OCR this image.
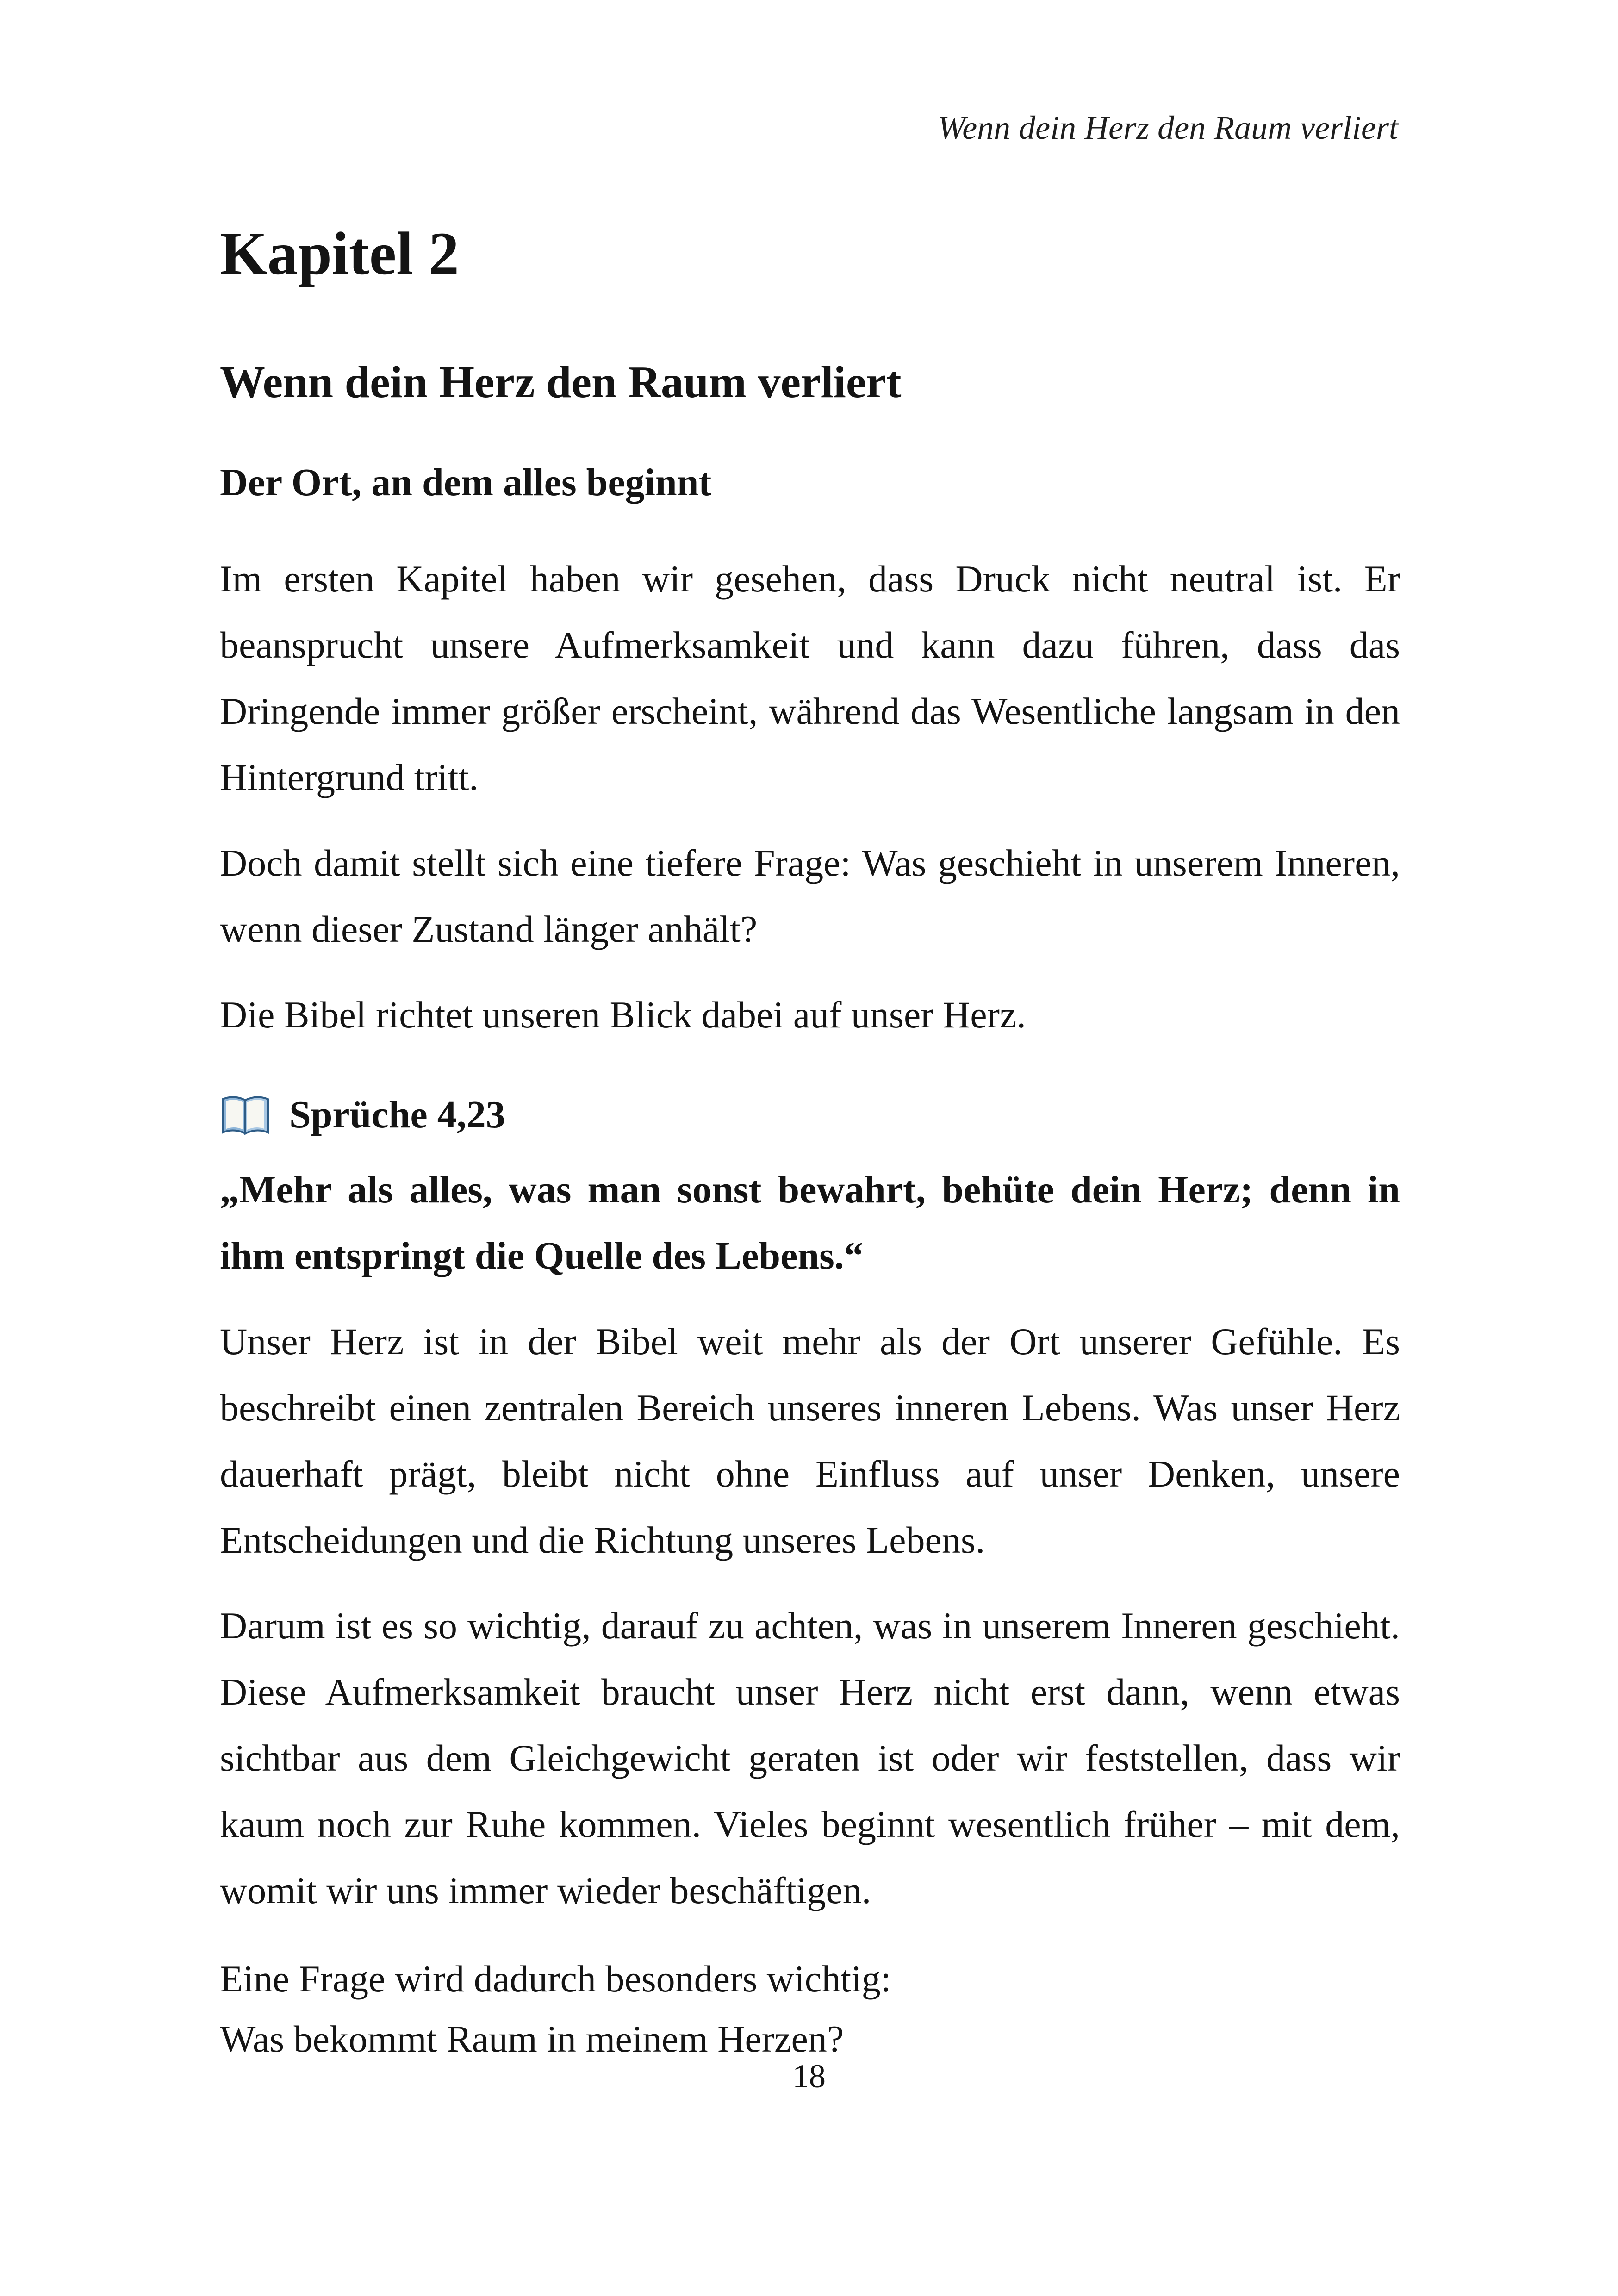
Wenn dein Herz den Raum verliert
Kapitel 2
Wenn dein Herz den Raum verliert
Der Ort, an dem alles beginnt

Im ersten Kapitel haben wir gesehen, dass Druck nicht neutral ist. Er beansprucht unsere Aufmerksamkeit und kann dazu führen, dass das Dringende immer größer erscheint, während das Wesentliche langsam in den Hintergrund tritt.

Doch damit stellt sich eine tiefere Frage: Was geschieht in unserem Inneren, wenn dieser Zustand länger anhält?

Die Bibel richtet unseren Blick dabei auf unser Herz.

Sprüche 4,23

„Mehr als alles, was man sonst bewahrt, behüte dein Herz; denn in ihm entspringt die Quelle des Lebens.“

Unser Herz ist in der Bibel weit mehr als der Ort unserer Gefühle. Es beschreibt einen zentralen Bereich unseres inneren Lebens. Was unser Herz dauerhaft prägt, bleibt nicht ohne Einfluss auf unser Denken, unsere Entscheidungen und die Richtung unseres Lebens.

Darum ist es so wichtig, darauf zu achten, was in unserem Inneren geschieht. Diese Aufmerksamkeit braucht unser Herz nicht erst dann, wenn etwas sichtbar aus dem Gleichgewicht geraten ist oder wir feststellen, dass wir kaum noch zur Ruhe kommen. Vieles beginnt wesentlich früher – mit dem, womit wir uns immer wieder beschäftigen.

Eine Frage wird dadurch besonders wichtig:

Was bekommt Raum in meinem Herzen?

18
